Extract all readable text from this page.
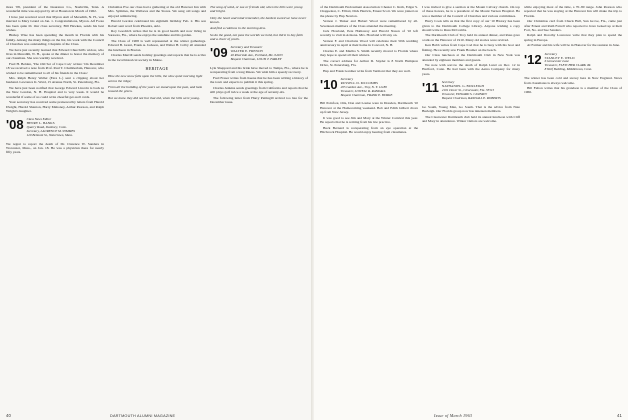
more '08, president of the Insurance Co., Nashville, Tenn. A wonderful time was enjoyed by all at Houston in March of 1962.

I have just received word that Myron Ault of Meredith, N. H., was married to Mary Grand on Jan. 1. Congratulations, Myron. Alf Foote has been quite ill. Our class secretary, Bill Hawkes, sends his best wishes.

Bishop Wise has been spending the month in Florida with his family. Among the many things on the list, his work with the Council of Churches was outstanding. Chaplain of the Class.

We have just recently learned that Edward Churchill's widow, who lives in Meredith, N. H., spoke at the dinner to honor the memory of our classmate. She was warmly received.

Fred H. Belden, 'The Old Sot of Cape Cod,' writes: 'On December 18 we received a note from Prof. Paul T. Chamberlain, Hanover, who wished to be remembered to all of his friends in the Class.'

Mrs. Ralph Henry Weller (Ezra L.) sent a clipping about her husband. Lawrence K. Ward, 15 Avenue North, St. Petersburg, Fla.

We have just been notified that George Edward Lincoln is back in the New London, N. H. Hospital and is very weak. It would be wonderful if some of us could write cheerful get-well cards.

Your secretary has received some praiseworthy letters from Harold Dwight, Harold Shanton, Harry Mahoney, Arthur Pearson, and Ralph Wright's daughter.

'08 Class News Editor
HENRY L. BANKS
Quarry Road, Danbury, Conn.
Secretary, LAURENCE M. SYMMES
120 Belmont St., Watertown, Mass.

We regret to report the death of Dr. Clarence W. Sanders in Worcester, Mass., on Jan. 18. He was a physician there for nearly fifty years.

Christmas Eve our class had a gathering at the old Hanover Inn with Mrs. Symmes, the Wallaces and the Stores. We sang old songs and enjoyed reminiscing.

Harold Gordon celebrated his eightieth birthday Feb. 2. His son Robert sent word from Phoenix, Ariz.

Roy Goodrich writes that he is in good health and now living in Sarasota, Fla., where he enjoys the sunshine and his garden.

The Class of 1908 is well represented at the winter gatherings. Edward B. Grant, Frank A. Jackson, and Walter H. Colby all attended the luncheon in Boston.

Charles Merrill sends holiday greetings and reports that he is active in the local historical society in Maine.

HERITAGE

How the new snow falls upon the hills, the slow quiet morning light across the ridge;

From all the building of the years we stand upon the past, and look toward the green.

But we know they did not live that old, when the hills were young.

The song of wind, or sea or friends old, when the hills were young and bright.

Only the heart and mind remember, the hardest sword we have never known.

And find a rainbow in the morning dew.

So do the good, not pass the worlds we hold, but thirst in boy faith and a cheer of youth.

'09 Secretary and Treasurer
WALTER E. FRENCH
40 Riverside Ave., Portland, Me. 04103
Bequest Chairman, LOUIS T. FARLEY

Lyle Sheppard and his bride have moved to Tampa, Fla., where he is recuperating from a long illness. We wish him a speedy recovery.

Fred Fraser writes from Keene that he has been writing a history of the town and expects to publish it this spring.

Charles Jenkins sends greetings from California and reports that he still plays golf twice a week at the age of seventy-six.

The following letter from Harry Pettingill arrived too late for the December issue.

40	DARTMOUTH ALUMNI MAGAZINE

of the Dartmouth Endowment Association: Chester C. Roth, Edgar S. Chappelear, C. Elliott, Dick Herrick, Ernest Scott. We were joined on the phone by Hap Newton.

Vernon J. Tinker and Hubert Wood were remembered by all. Seventeen members of the Class attended the meeting.

Jack Howland, Pete Hathaway and Harold Nason of '10 left recently to visit in Arizona. Mrs. Howland will stay on.

Vernon F. and Charlotte Wood will celebrate their 50th wedding anniversary in April at their home in Concord, N. H.

Charles E. and Martha S. Smith recently moved to Florida where they hope to spend all their winters.

The correct address for Arthur D. Snyder is 8 North Hampton Drive, St. Petersburg, Fla.

Hap and Frank Gardner write from Vermont that they are well.

'10 Secretary
RUSSELL D. MCCOMBS
205 Garden Ave., Troy, N. Y. 12180
Treasurer, LOWELL R. RANDALL
Bequest Chairman, FRANK E. BURKE

Bill Poinfoot, Otis, Don and Louise were in Dresden, Dartmouth '10 Hanover at the Homecoming weekend. Bob and Edith Gilbert drove up from New Jersey.

It was good to see Jim and Mary at the Winter Carnival this year. He reports that he is retiring from his law practice.

Buck Bernard is recuperating from an eye operation at the Hitchcock Hospital. He would enjoy hearing from classmates.

I was invited to give a sermon at the Mount Calvary church. On top of these honors, he is a president of the Mount Vernon Hospital. He was a member of the Council of Churches and various committees.

Harry Cook tells us that the first copy of our '10 History has been given to the Dartmouth College Library. Anyone wishing a copy should write to Russ McCombs.

The Dartmouth Club of Troy held its annual dinner, and Russ gave a talk on the Hanover of 1910. Many old stories were revived.

Ken Hebb writes from Cape Cod that he is busy with his boat and fishing. He recently saw Frank Hosmer on the beach.

Our Class luncheon at the Dartmouth Club in New York was attended by eighteen members and guests.

We note with sorrow the death of Ralph Lund on Dec. 12 in Hartford, Conn. He had been with the Aetna Company for many years.

'11 Secretary
NATHANIEL G. BURLEIGH
2101 Dover St., Clearwater, Fla. 33515
Treasurer, EDWARD S. CAVERLY
Bequest Chairman, RANDALL E. ROBERTS

Go South, Young Man, Go South. That is the advice from Nate Burleigh. Our Florida group now has nineteen members.

The Clearwater Dartmouth club held its annual luncheon with Cliff and Mary in attendance. Winter visitors are welcome.

while enjoying most of the time, a 70–80 range. John Pearson who reported that he was staying at the Hanover Inn will make the trip to Florida.

Our Christmas card from Chuck Hall, Sun Grove, Fla., came just after Ernest and Ruth Farrell who reported to have looked up at their Fort, No. and Sue Sanders.

Ralph and Dorothy Lawrence write that they plan to spend the spring in Europe.

Al Farmer and his wife will be in Hanover for the reunion in June.

'12 Secretary
STANLEY E. WELD
6 Gloucester Lane
Treasurer, FLETCHER CLARK JR.
8 Wolf Building, Middletown, Conn.

The winter has been cold and snowy here in New England. News from classmates is always welcome.

Bill Fulton writes that his grandson is a member of the Class of 1966.

Issue of March 1963	41
